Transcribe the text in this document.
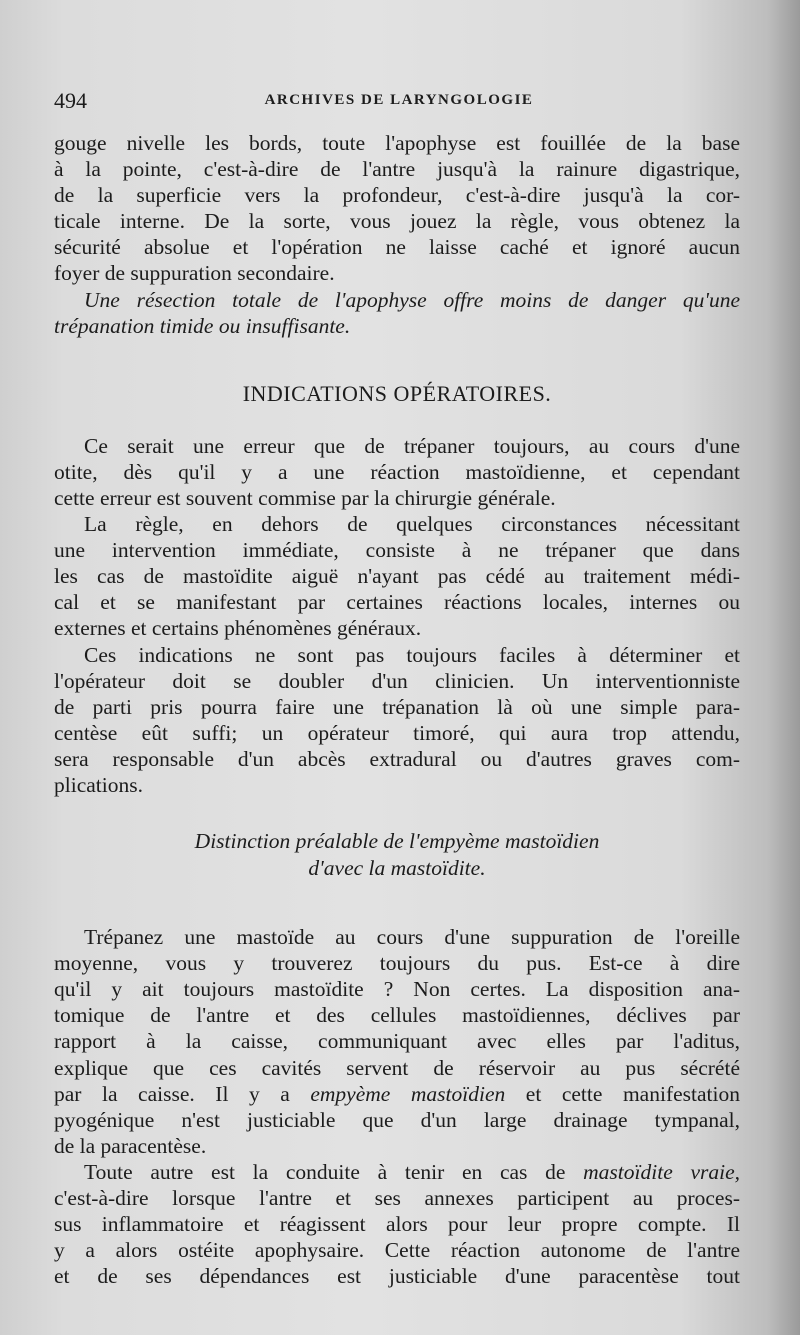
494	ARCHIVES DE LARYNGOLOGIE
gouge nivelle les bords, toute l'apophyse est fouillée de la base
à la pointe, c'est-à-dire de l'antre jusqu'à la rainure digastrique,
de la superficie vers la profondeur, c'est-à-dire jusqu'à la cor-
ticale interne. De la sorte, vous jouez la règle, vous obtenez la
sécurité absolue et l'opération ne laisse caché et ignoré aucun
foyer de suppuration secondaire.
Une résection totale de l'apophyse offre moins de danger qu'une
trépanation timide ou insuffisante.
INDICATIONS OPÉRATOIRES.
Ce serait une erreur que de trépaner toujours, au cours d'une
otite, dès qu'il y a une réaction mastoïdienne, et cependant
cette erreur est souvent commise par la chirurgie générale.
La règle, en dehors de quelques circonstances nécessitant
une intervention immédiate, consiste à ne trépaner que dans
les cas de mastoïdite aiguë n'ayant pas cédé au traitement médi-
cal et se manifestant par certaines réactions locales, internes ou
externes et certains phénomènes généraux.
Ces indications ne sont pas toujours faciles à déterminer et
l'opérateur doit se doubler d'un clinicien. Un interventionniste
de parti pris pourra faire une trépanation là où une simple para-
centèse eût suffi; un opérateur timoré, qui aura trop attendu,
sera responsable d'un abcès extradural ou d'autres graves com-
plications.
Distinction préalable de l'empyème mastoïdien
d'avec la mastoïdite.
Trépanez une mastoïde au cours d'une suppuration de l'oreille
moyenne, vous y trouverez toujours du pus. Est-ce à dire
qu'il y ait toujours mastoïdite ? Non certes. La disposition ana-
tomique de l'antre et des cellules mastoïdiennes, déclives par
rapport à la caisse, communiquant avec elles par l'aditus,
explique que ces cavités servent de réservoir au pus sécrété
par la caisse. Il y a empyème mastoïdien et cette manifestation
pyogénique n'est justiciable que d'un large drainage tympanal,
de la paracentèse.
Toute autre est la conduite à tenir en cas de mastoïdite vraie,
c'est-à-dire lorsque l'antre et ses annexes participent au proces-
sus inflammatoire et réagissent alors pour leur propre compte. Il
y a alors ostéite apophysaire. Cette réaction autonome de l'antre
et de ses dépendances est justiciable d'une paracentèse tout
